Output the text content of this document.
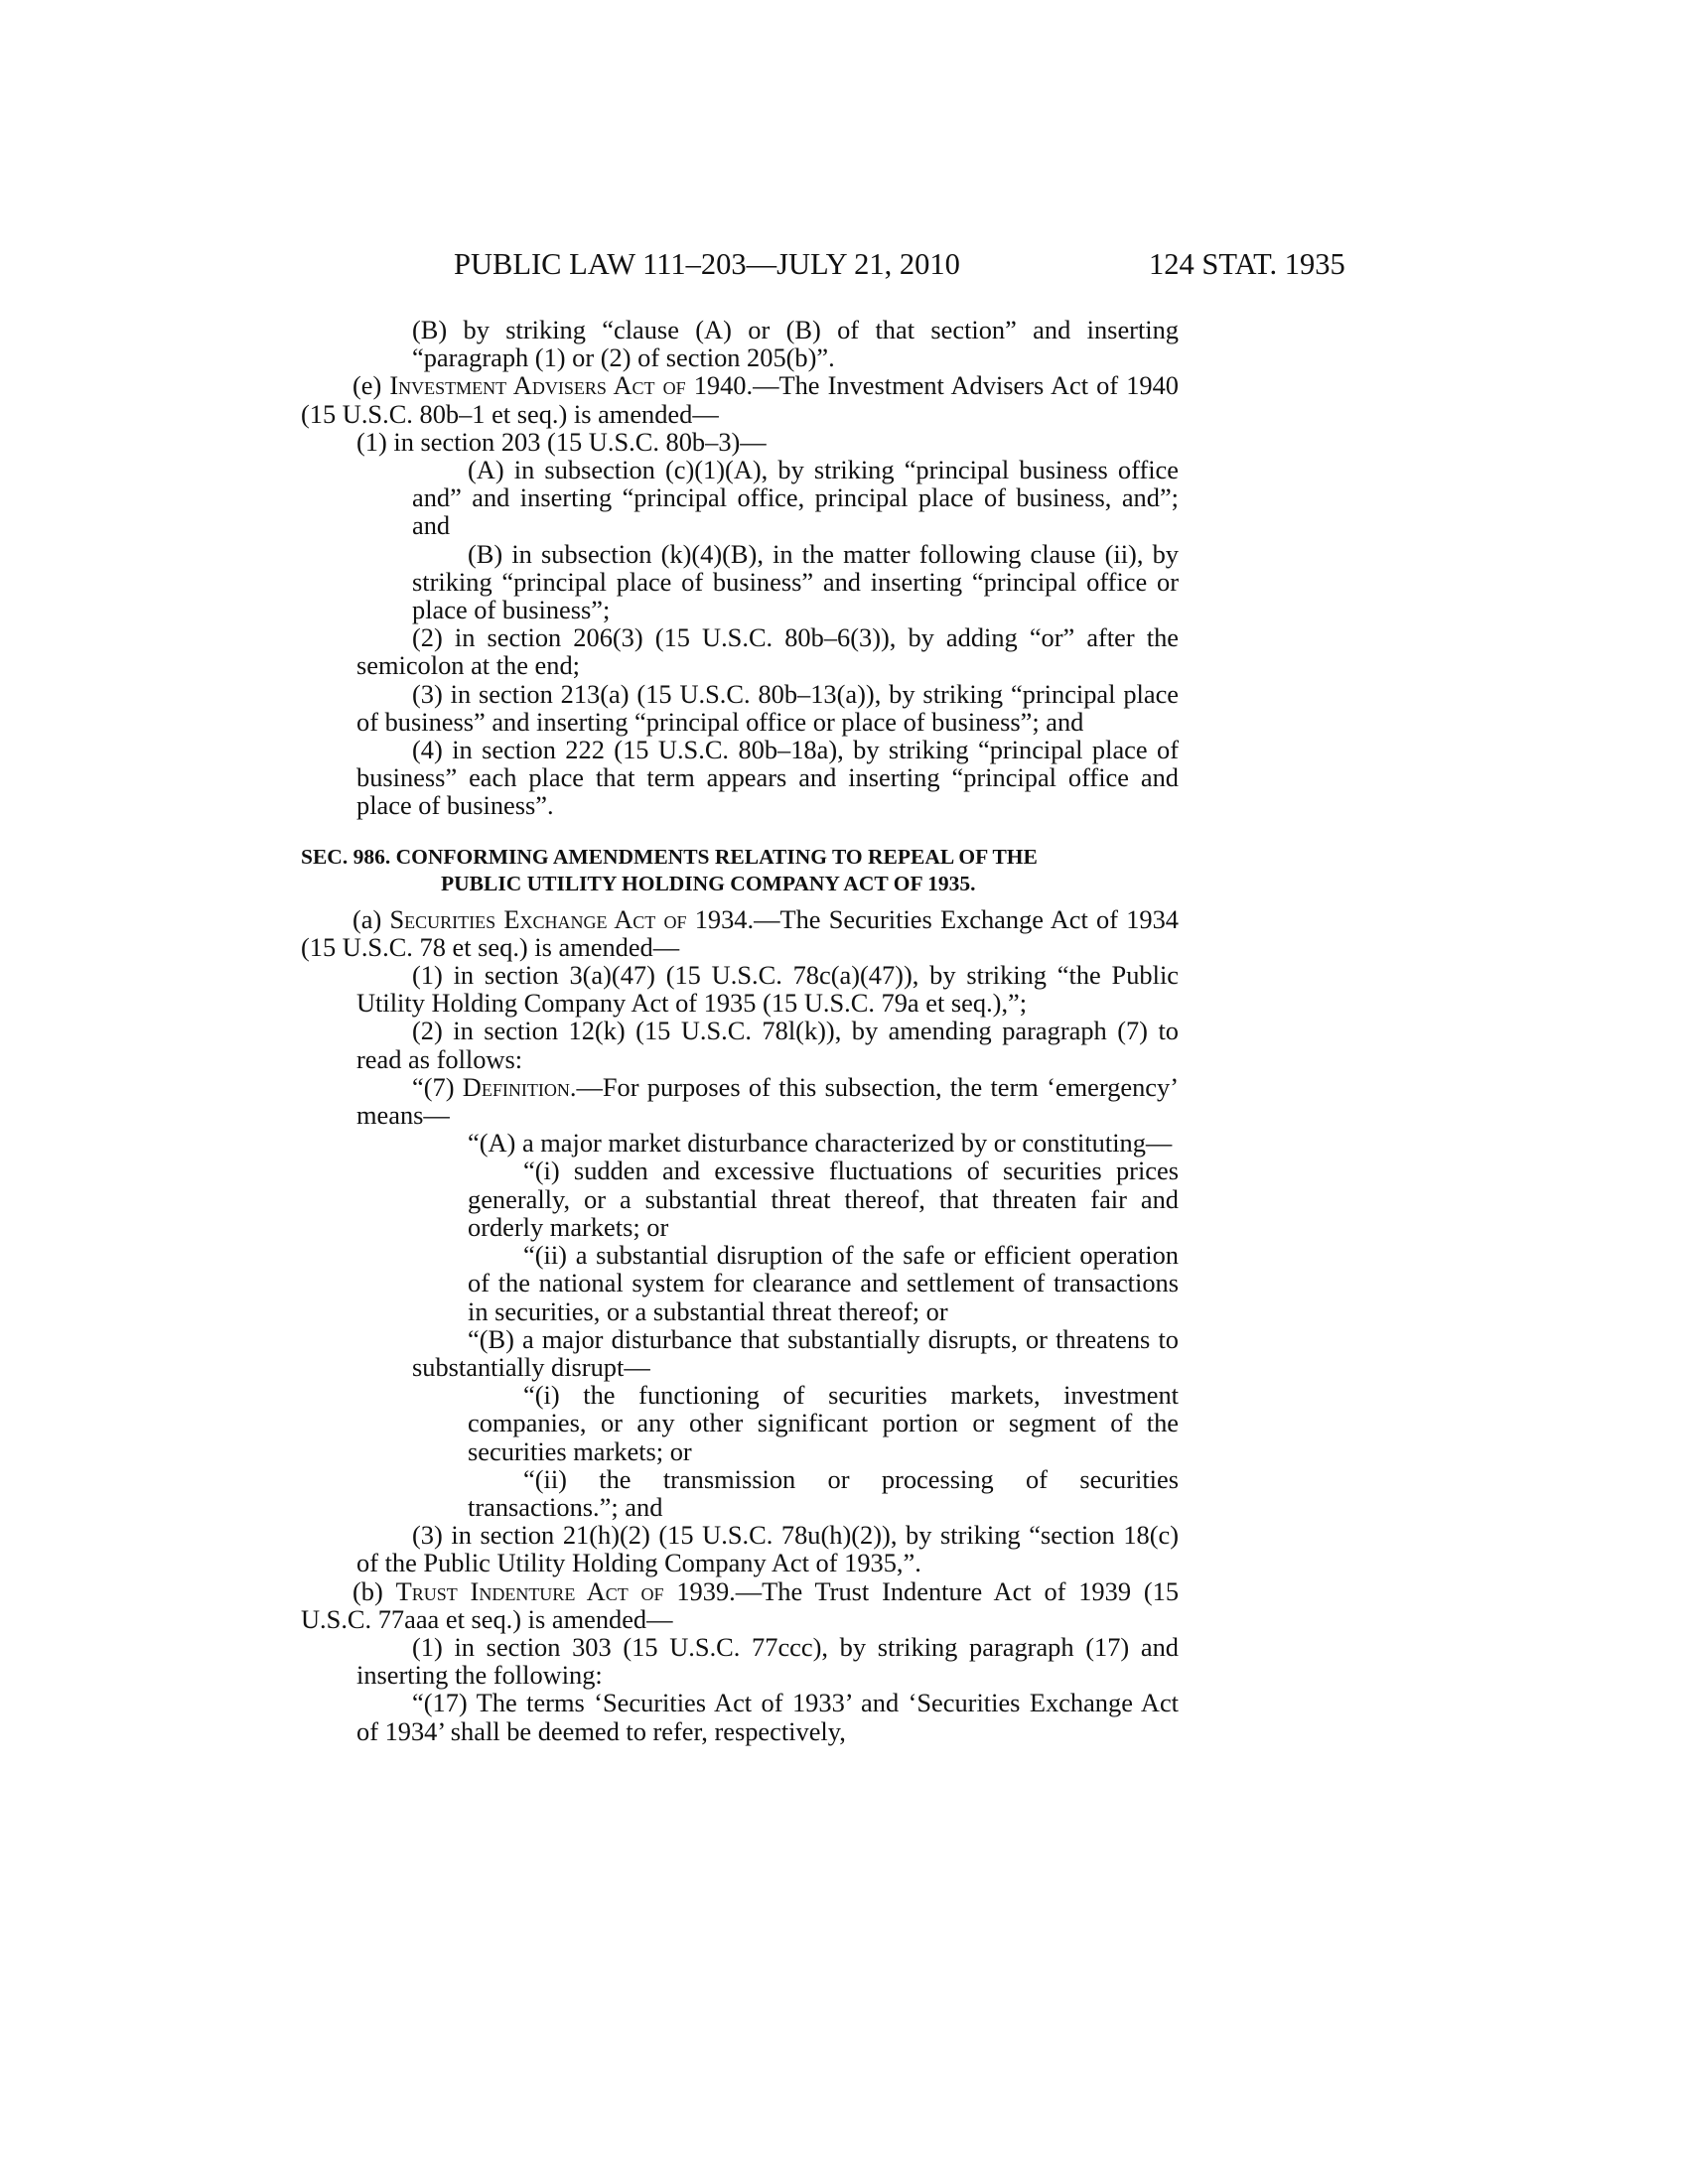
PUBLIC LAW 111–203—JULY 21, 2010	124 STAT. 1935

(B) by striking “clause (A) or (B) of that section” and inserting “paragraph (1) or (2) of section 205(b)”.

(e) Investment Advisers Act of 1940.—The Investment Advisers Act of 1940 (15 U.S.C. 80b–1 et seq.) is amended—

(1) in section 203 (15 U.S.C. 80b–3)—

(A) in subsection (c)(1)(A), by striking “principal business office and” and inserting “principal office, principal place of business, and”; and

(B) in subsection (k)(4)(B), in the matter following clause (ii), by striking “principal place of business” and inserting “principal office or place of business”;

(2) in section 206(3) (15 U.S.C. 80b–6(3)), by adding “or” after the semicolon at the end;

(3) in section 213(a) (15 U.S.C. 80b–13(a)), by striking “principal place of business” and inserting “principal office or place of business”; and

(4) in section 222 (15 U.S.C. 80b–18a), by striking “principal place of business” each place that term appears and inserting “principal office and place of business”.

SEC. 986. CONFORMING AMENDMENTS RELATING TO REPEAL OF THE
PUBLIC UTILITY HOLDING COMPANY ACT OF 1935.

(a) Securities Exchange Act of 1934.—The Securities Exchange Act of 1934 (15 U.S.C. 78 et seq.) is amended—

(1) in section 3(a)(47) (15 U.S.C. 78c(a)(47)), by striking “the Public Utility Holding Company Act of 1935 (15 U.S.C. 79a et seq.),”;

(2) in section 12(k) (15 U.S.C. 78l(k)), by amending paragraph (7) to read as follows:

“(7) Definition.—For purposes of this subsection, the term ‘emergency’ means—

“(A) a major market disturbance characterized by or constituting—

“(i) sudden and excessive fluctuations of securities prices generally, or a substantial threat thereof, that threaten fair and orderly markets; or

“(ii) a substantial disruption of the safe or efficient operation of the national system for clearance and settlement of transactions in securities, or a substantial threat thereof; or

“(B) a major disturbance that substantially disrupts, or threatens to substantially disrupt—

“(i) the functioning of securities markets, investment companies, or any other significant portion or segment of the securities markets; or

“(ii) the transmission or processing of securities transactions.”; and

(3) in section 21(h)(2) (15 U.S.C. 78u(h)(2)), by striking “section 18(c) of the Public Utility Holding Company Act of 1935,”.

(b) Trust Indenture Act of 1939.—The Trust Indenture Act of 1939 (15 U.S.C. 77aaa et seq.) is amended—

(1) in section 303 (15 U.S.C. 77ccc), by striking paragraph (17) and inserting the following:

“(17) The terms ‘Securities Act of 1933’ and ‘Securities Exchange Act of 1934’ shall be deemed to refer, respectively,
